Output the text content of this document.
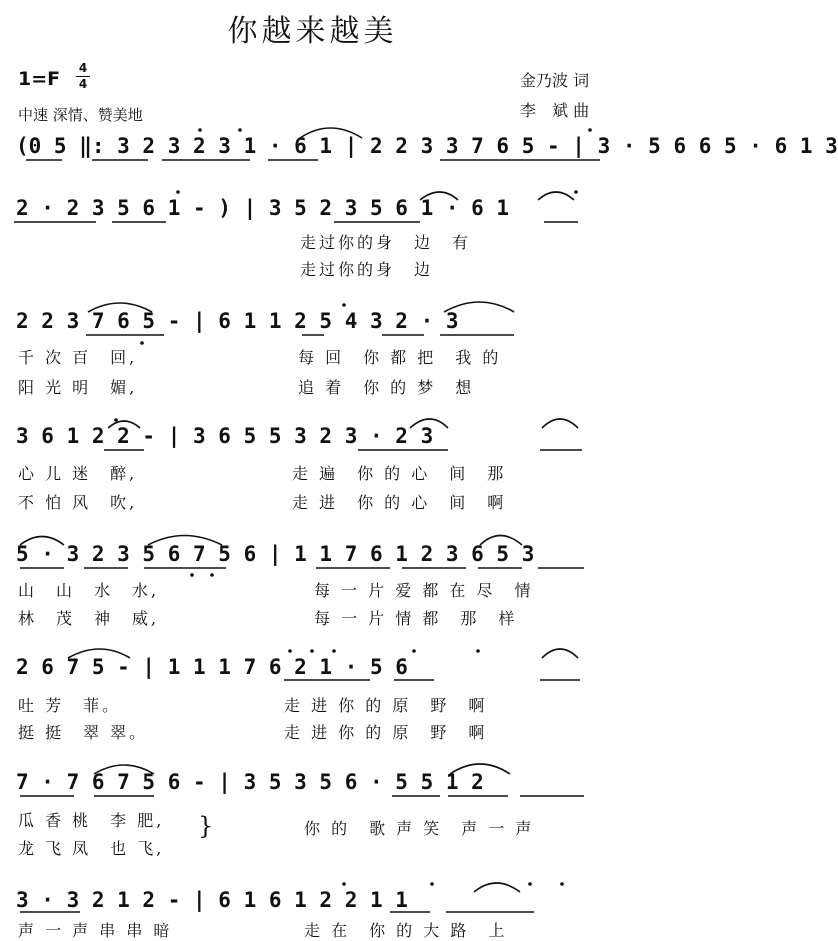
你越来越美
1=F 4
4
中速 深情、赞美地
金乃波 词
李　斌 曲
(0 5 ‖: 3 2 3 2 3 1 · 6 1 | 2 2 3 3 7 6 5 - | 3 · 5 6 6 5 · 6 1 3
2 · 2 3 5 6 1 - ) | 3 5 2 3 5 6 1 · 6 1
走过你的身　边　有
走过你的身　边
2 2 3 7 6 5 - | 6 1 1 2 5 4 3 2 · 3
千 次 百　回,
阳 光 明　媚,
每 回　你 都 把　我 的
追 着　你 的 梦　想
3 6 1 2 2 - | 3 6 5 5 3 2 3 · 2 3
心 儿 迷　醉,
不 怕 风　吹,
走 遍　你 的 心　间　那
走 进　你 的 心　间　啊
5 · 3 2 3 5 6 7 5 6 | 1 1 7 6 1 2 3 6 5 3
山　山　水　水,
林　茂　神　威,
每 一 片 爱 都 在 尽　情
每 一 片 情 都　那　样
2 6 7 5 - | 1 1 1 7 6 2 1 · 5 6
吐 芳　菲。
挺 挺　翠 翠。
走 进 你 的 原　野　啊
走 进 你 的 原　野　啊
7 · 7 6 7 5 6 - | 3 5 3 5 6 · 5 5 1 2
瓜 香 桃　李 肥,
龙 飞 凤　也 飞,
}	你 的　歌 声 笑　声 一 声
3 · 3 2 1 2 - | 6 1 6 1 2 2 1 1
声 一 声 串 串 暗	走 在　你 的 大 路　上
